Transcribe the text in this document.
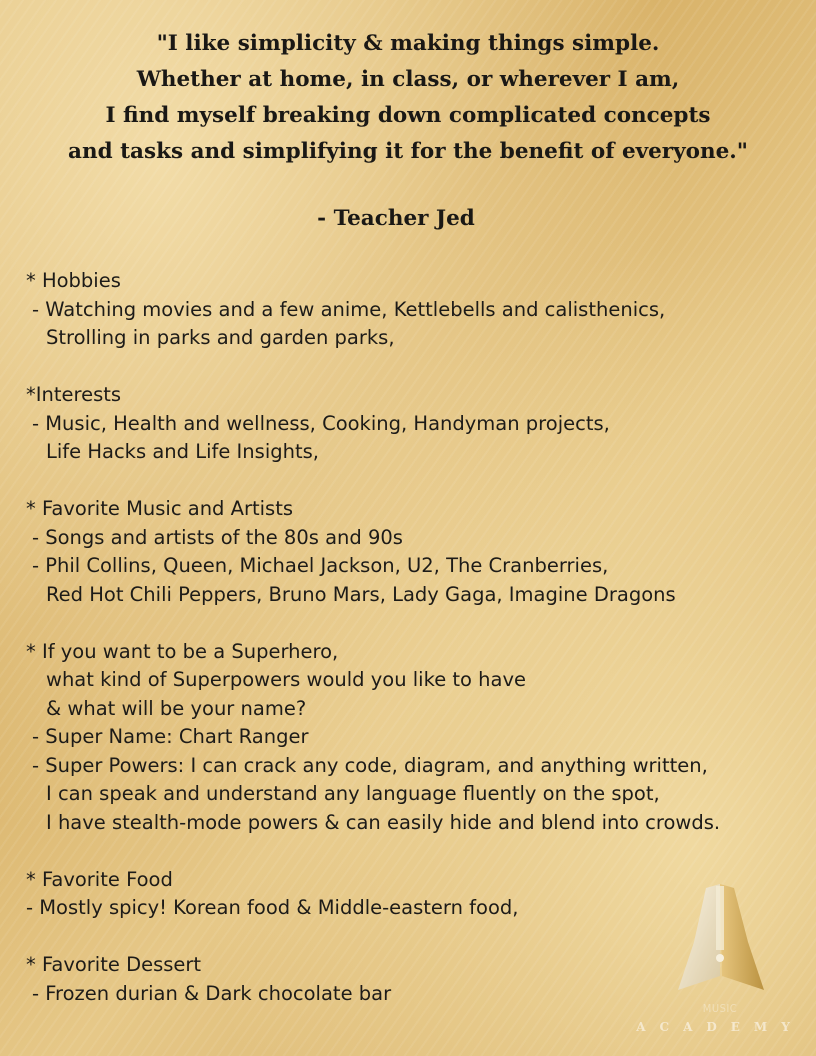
"I like simplicity & making things simple.
Whether at home, in class, or wherever I am,
I find myself breaking down complicated concepts
and tasks and simplifying it for the benefit of everyone."
- Teacher Jed
* Hobbies
- Watching movies and a few anime, Kettlebells and calisthenics,
Strolling in parks and garden parks,
*Interests
- Music, Health and wellness, Cooking, Handyman projects,
Life Hacks and Life Insights,
* Favorite Music and Artists
- Songs and artists of the 80s and 90s
- Phil Collins, Queen, Michael Jackson, U2, The Cranberries,
Red Hot Chili Peppers, Bruno Mars, Lady Gaga, Imagine Dragons
* If you want to be a Superhero,
what kind of Superpowers would you like to have
& what will be your name?
- Super Name: Chart Ranger
- Super Powers: I can crack any code, diagram, and anything written,
I can speak and understand any language fluently on the spot,
I have stealth-mode powers & can easily hide and blend into crowds.
* Favorite Food
- Mostly spicy! Korean food & Middle-eastern food,
* Favorite Dessert
- Frozen durian & Dark chocolate bar
MUSIC
ACADEMY
